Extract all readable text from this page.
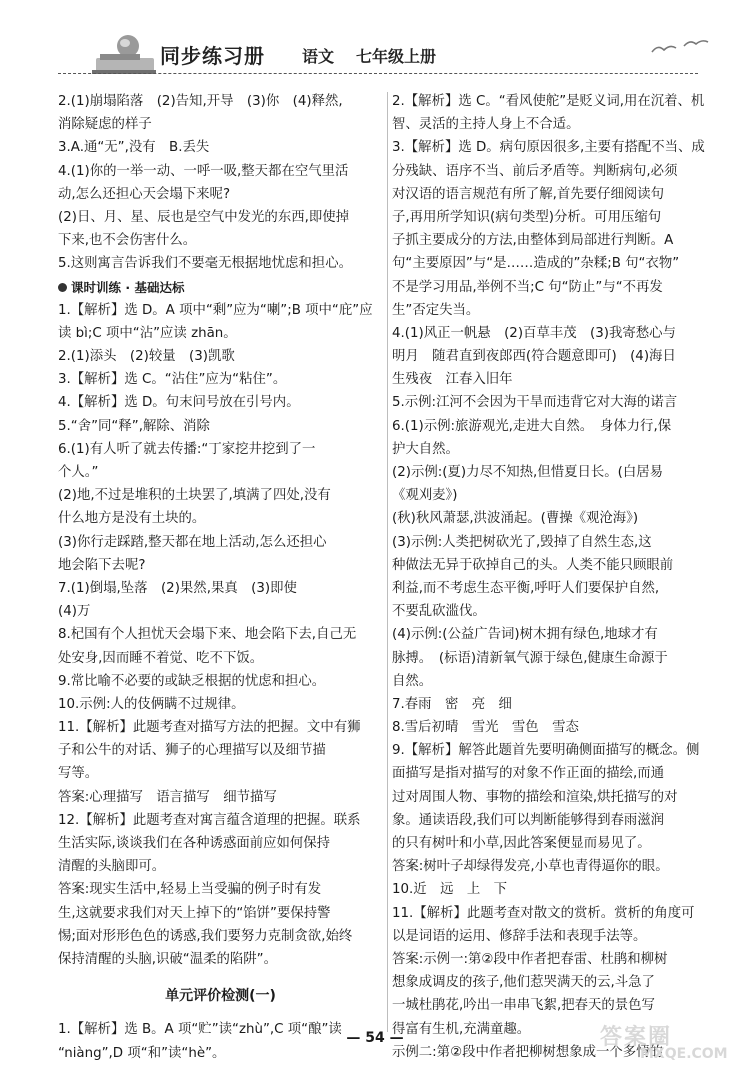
同步练习册 语文 七年级上册
2.(1)崩塌陷落　(2)告知,开导　(3)你　(4)释然,
消除疑虑的样子
3.A.通“无”,没有　B.丢失
4.(1)你的一举一动、一呼一吸,整天都在空气里活
动,怎么还担心天会塌下来呢?
(2)日、月、星、辰也是空气中发光的东西,即使掉
下来,也不会伤害什么。
5.这则寓言告诉我们不要毫无根据地忧虑和担心。
课时训练 · 基础达标
1.【解析】选 D。A 项中“剩”应为“喇”;B 项中“庇”应
读 bì;C 项中“沾”应读 zhān。
2.(1)添头　(2)较量　(3)凯歌
3.【解析】选 C。“沾住”应为“粘住”。
4.【解析】选 D。句末问号放在引号内。
5.“舍”同“释”,解除、消除
6.(1)有人听了就去传播:“丁家挖井挖到了一
个人。”
(2)地,不过是堆积的土块罢了,填满了四处,没有
什么地方是没有土块的。
(3)你行走踩踏,整天都在地上活动,怎么还担心
地会陷下去呢?
7.(1)倒塌,坠落　(2)果然,果真　(3)即使
(4)万
8.杞国有个人担忧天会塌下来、地会陷下去,自己无
处安身,因而睡不着觉、吃不下饭。
9.常比喻不必要的或缺乏根据的忧虑和担心。
10.示例:人的伎俩瞒不过规律。
11.【解析】此题考查对描写方法的把握。文中有狮
子和公牛的对话、狮子的心理描写以及细节描
写等。
答案:心理描写　语言描写　细节描写
12.【解析】此题考查对寓言蕴含道理的把握。联系
生活实际,谈谈我们在各种诱惑面前应如何保持
清醒的头脑即可。
答案:现实生活中,轻易上当受骗的例子时有发
生,这就要求我们对天上掉下的“馅饼”要保持警
惕;面对形形色色的诱惑,我们要努力克制贪欲,始终
保持清醒的头脑,识破“温柔的陷阱”。
单元评价检测(一)
1.【解析】选 B。A 项“贮”读“zhù”,C 项“酿”读
“niàng”,D 项“和”读“hè”。
2.【解析】选 C。“看风使舵”是贬义词,用在沉着、机
智、灵活的主持人身上不合适。
3.【解析】选 D。病句原因很多,主要有搭配不当、成
分残缺、语序不当、前后矛盾等。判断病句,必须
对汉语的语言规范有所了解,首先要仔细阅读句
子,再用所学知识(病句类型)分析。可用压缩句
子抓主要成分的方法,由整体到局部进行判断。A
句“主要原因”与“是……造成的”杂糅;B 句“衣物”
不是学习用品,举例不当;C 句“防止”与“不再发
生”否定失当。
4.(1)风正一帆悬　(2)百草丰茂　(3)我寄愁心与
明月　随君直到夜郎西(符合题意即可)　(4)海日
生残夜　江春入旧年
5.示例:江河不会因为干旱而违背它对大海的诺言
6.(1)示例:旅游观光,走进大自然。　身体力行,保
护大自然。
(2)示例:(夏)力尽不知热,但惜夏日长。(白居易
《观刈麦》)
(秋)秋风萧瑟,洪波涌起。(曹操《观沧海》)
(3)示例:人类把树砍光了,毁掉了自然生态,这
种做法无异于砍掉自己的头。人类不能只顾眼前
利益,而不考虑生态平衡,呼吁人们要保护自然,
不要乱砍滥伐。
(4)示例:(公益广告词)树木拥有绿色,地球才有
脉搏。　(标语)清新氧气源于绿色,健康生命源于
自然。
7.春雨　密　亮　细
8.雪后初晴　雪光　雪色　雪态
9.【解析】解答此题首先要明确侧面描写的概念。侧
面描写是指对描写的对象不作正面的描绘,而通
过对周围人物、事物的描绘和渲染,烘托描写的对
象。通读语段,我们可以判断能够得到春雨滋润
的只有树叶和小草,因此答案便显而易见了。
答案:树叶子却绿得发亮,小草也青得逼你的眼。
10.近　远　上　下
11.【解析】此题考查对散文的赏析。赏析的角度可
以是词语的运用、修辞手法和表现手法等。
答案:示例一:第②段中作者把春雷、杜鹃和柳树
想象成调皮的孩子,他们惹哭满天的云,斗急了
一城杜鹃花,吟出一串串飞絮,把春天的景色写
得富有生机,充满童趣。
示例二:第②段中作者把柳树想象成一个多情的
— 54 —	答案圈
MXQE.COM
